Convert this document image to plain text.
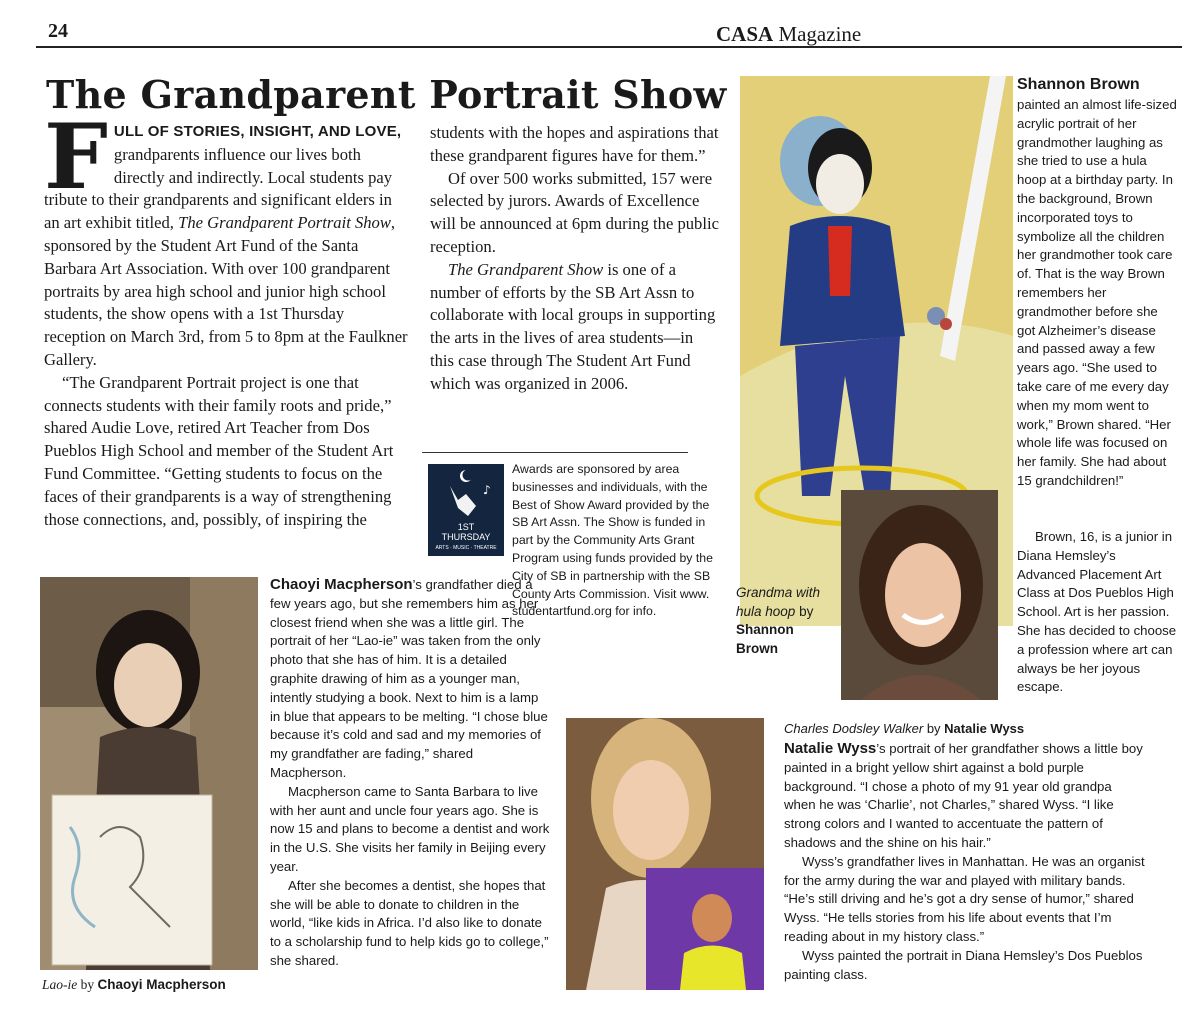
24	CASA Magazine
The Grandparent Portrait Show

FULL OF STORIES, INSIGHT, AND LOVE, grandparents influence our lives both directly and indirectly. Local students pay tribute to their grandparents and significant elders in an art exhibit titled, The Grandparent Portrait Show, sponsored by the Student Art Fund of the Santa Barbara Art Association. With over 100 grandparent portraits by area high school and junior high school students, the show opens with a 1st Thursday reception on March 3rd, from 5 to 8pm at the Faulkner Gallery.

“The Grandparent Portrait project is one that connects students with their family roots and pride,” shared Audie Love, retired Art Teacher from Dos Pueblos High School and member of the Student Art Fund Committee. “Getting students to focus on the faces of their grandparents is a way of strengthening those connections, and, possibly, of inspiring the

students with the hopes and aspirations that these grandparent figures have for them.”

Of over 500 works submitted, 157 were selected by jurors. Awards of Excellence will be announced at 6pm during the public reception.

The Grandparent Show is one of a number of efforts by the SB Art Assn to collaborate with local groups in supporting the arts in the lives of area students—in this case through The Student Art Fund which was organized in 2006.

♪
1ST
THURSDAY
ARTS · MUSIC · THEATRE
Awards are sponsored by area businesses and individuals, with the Best of Show Award provided by the SB Art Assn. The Show is funded in part by the Community Arts Grant Program using funds provided by the City of SB in partnership with the SB County Arts Commission. Visit www. studentartfund.org for info.
Lao-ie by Chaoyi Macpherson

Chaoyi Macpherson’s grandfather died a few years ago, but she remembers him as her closest friend when she was a little girl. The portrait of her “Lao-ie” was taken from the only photo that she has of him. It is a detailed graphite drawing of him as a younger man, intently studying a book. Next to him is a lamp in blue that appears to be melting. “I chose blue because it’s cold and sad and my memories of my grandfather are fading,” shared Macpherson.

Macpherson came to Santa Barbara to live with her aunt and uncle four years ago. She is now 15 and plans to become a dentist and work in the U.S. She visits her family in Beijing every year.

After she becomes a dentist, she hopes that she will be able to donate to children in the world, “like kids in Africa. I’d also like to donate to a scholarship fund to help kids go to college,” she shared.

Shannon Brown
painted an almost life-sized acrylic portrait of her grandmother laughing as she tried to use a hula hoop at a birthday party. In the background, Brown incorporated toys to symbolize all the children her grandmother took care of. That is the way Brown remembers her grandmother before she got Alzheimer’s disease and passed away a few years ago. “She used to take care of me every day when my mom went to work,” Brown shared. “Her whole life was focused on her family. She had about 15 grandchildren!”

Brown, 16, is a junior in Diana Hemsley’s Advanced Placement Art Class at Dos Pueblos High School. Art is her passion. She has decided to choose a profession where art can always be her joyous escape.

Grandma with hula hoop by Shannon Brown
Charles Dodsley Walker by Natalie Wyss

Natalie Wyss’s portrait of her grandfather shows a little boy painted in a bright yellow shirt against a bold purple background. “I chose a photo of my 91 year old grandpa when he was ‘Charlie’, not Charles,” shared Wyss. “I like strong colors and I wanted to accentuate the pattern of shadows and the shine on his hair.”

Wyss’s grandfather lives in Manhattan. He was an organist for the army during the war and played with military bands. “He’s still driving and he’s got a dry sense of humor,” shared Wyss. “He tells stories from his life about events that I’m reading about in my history class.”

Wyss painted the portrait in Diana Hemsley’s Dos Pueblos painting class.
